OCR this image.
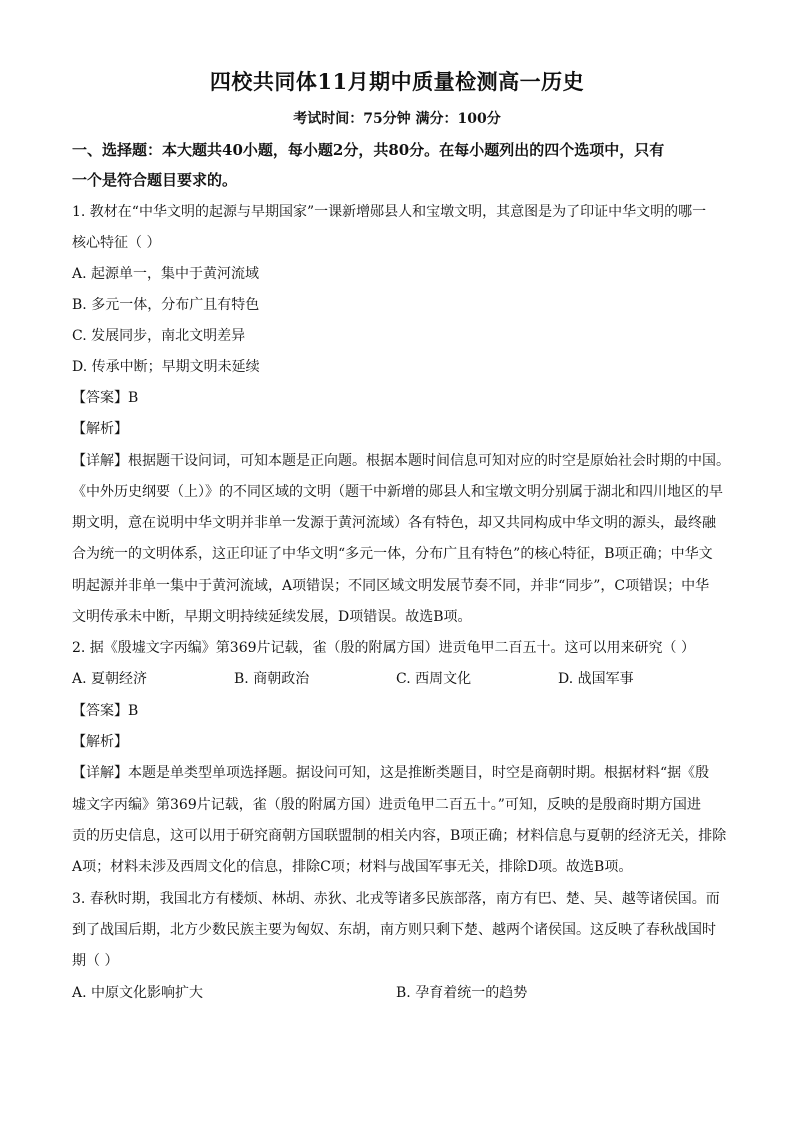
四校共同体11月期中质量检测高一历史
考试时间：75分钟 满分：100分
一、选择题：本大题共40小题，每小题2分，共80分。在每小题列出的四个选项中，只有
一个是符合题目要求的。
1. 教材在“中华文明的起源与早期国家”一课新增郧县人和宝墩文明，其意图是为了印证中华文明的哪一
核心特征（ ）
A. 起源单一，集中于黄河流域
B. 多元一体，分布广且有特色
C. 发展同步，南北文明差异
D. 传承中断；早期文明未延续
【答案】B
【解析】
【详解】根据题干设问词，可知本题是正向题。根据本题时间信息可知对应的时空是原始社会时期的中国。
《中外历史纲要（上）》的不同区域的文明（题干中新增的郧县人和宝墩文明分别属于湖北和四川地区的早
期文明，意在说明中华文明并非单一发源于黄河流域）各有特色，却又共同构成中华文明的源头，最终融
合为统一的文明体系，这正印证了中华文明“多元一体，分布广且有特色”的核心特征，B项正确；中华文
明起源并非单一集中于黄河流域，A项错误；不同区域文明发展节奏不同，并非“同步”，C项错误；中华
文明传承未中断，早期文明持续延续发展，D项错误。故选B项。
2. 据《殷墟文字丙编》第369片记载，雀（殷的附属方国）进贡龟甲二百五十。这可以用来研究（ ）
A. 夏朝经济	B. 商朝政治	C. 西周文化	D. 战国军事
【答案】B
【解析】
【详解】本题是单类型单项选择题。据设问可知，这是推断类题目，时空是商朝时期。根据材料“据《殷
墟文字丙编》第369片记载，雀（殷的附属方国）进贡龟甲二百五十。”可知，反映的是殷商时期方国进
贡的历史信息，这可以用于研究商朝方国联盟制的相关内容，B项正确；材料信息与夏朝的经济无关，排除
A项；材料未涉及西周文化的信息，排除C项；材料与战国军事无关，排除D项。故选B项。
3. 春秋时期，我国北方有楼烦、林胡、赤狄、北戎等诸多民族部落，南方有巴、楚、吴、越等诸侯国。而
到了战国后期，北方少数民族主要为匈奴、东胡，南方则只剩下楚、越两个诸侯国。这反映了春秋战国时
期（ ）
A. 中原文化影响扩大	B. 孕育着统一的趋势
